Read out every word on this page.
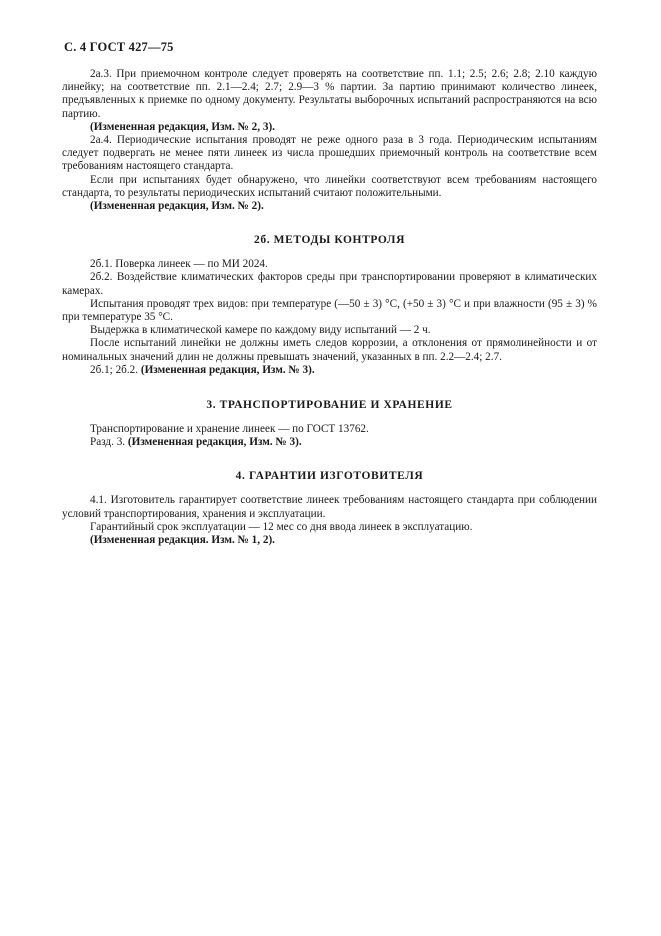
С. 4 ГОСТ 427—75

2а.3. При приемочном контроле следует проверять на соответствие пп. 1.1; 2.5; 2.6; 2.8; 2.10 каждую линейку; на соответствие пп. 2.1—2.4; 2.7; 2.9—3 % партии. За партию принимают количество линеек, предъявленных к приемке по одному документу. Результаты выборочных испытаний распространяются на всю партию.

(Измененная редакция, Изм. № 2, 3).

2а.4. Периодические испытания проводят не реже одного раза в 3 года. Периодическим испытаниям следует подвергать не менее пяти линеек из числа прошедших приемочный контроль на соответствие всем требованиям настоящего стандарта.

Если при испытаниях будет обнаружено, что линейки соответствуют всем требованиям настоящего стандарта, то результаты периодических испытаний считают положительными.

(Измененная редакция, Изм. № 2).

2б. МЕТОДЫ КОНТРОЛЯ

2б.1. Поверка линеек — по МИ 2024.

2б.2. Воздействие климатических факторов среды при транспортировании проверяют в климатических камерах.

Испытания проводят трех видов: при температуре (—50 ± 3) °С, (+50 ± 3) °С и при влажности (95 ± 3) % при температуре 35 °С.

Выдержка в климатической камере по каждому виду испытаний — 2 ч.

После испытаний линейки не должны иметь следов коррозии, а отклонения от прямолинейности и от номинальных значений длин не должны превышать значений, указанных в пп. 2.2—2.4; 2.7.

2б.1; 2б.2. (Измененная редакция, Изм. № 3).

3. ТРАНСПОРТИРОВАНИЕ И ХРАНЕНИЕ

Транспортирование и хранение линеек — по ГОСТ 13762.

Разд. 3. (Измененная редакция, Изм. № 3).

4. ГАРАНТИИ ИЗГОТОВИТЕЛЯ

4.1. Изготовитель гарантирует соответствие линеек требованиям настоящего стандарта при соблюдении условий транспортирования, хранения и эксплуатации.

Гарантийный срок эксплуатации — 12 мес со дня ввода линеек в эксплуатацию.

(Измененная редакция. Изм. № 1, 2).
